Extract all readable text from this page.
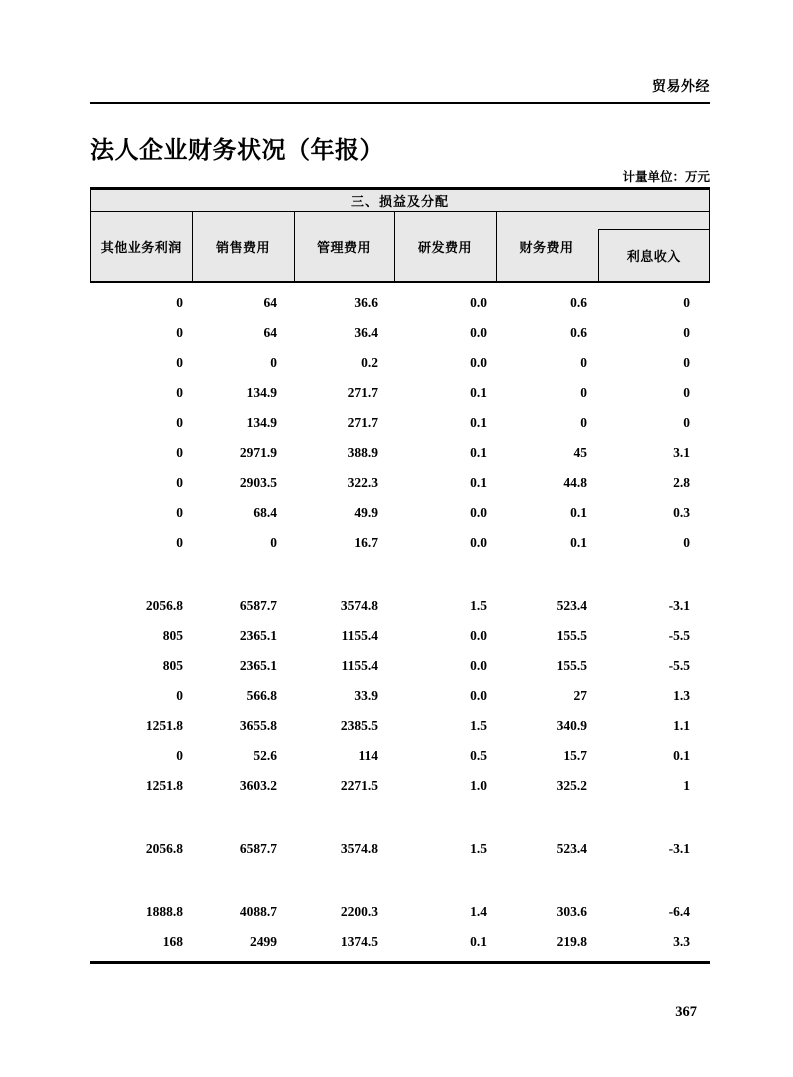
贸易外经
法人企业财务状况（年报）
计量单位：万元
三、损益及分配
其他业务利润	销售费用	管理费用	研发费用	财务费用
利息收入
0	64	36.6	0.0	0.6	0
0	64	36.4	0.0	0.6	0
0	0	0.2	0.0	0	0
0	134.9	271.7	0.1	0	0
0	134.9	271.7	0.1	0	0
0	2971.9	388.9	0.1	45	3.1
0	2903.5	322.3	0.1	44.8	2.8
0	68.4	49.9	0.0	0.1	0.3
0	0	16.7	0.0	0.1	0
2056.8	6587.7	3574.8	1.5	523.4	-3.1
805	2365.1	1155.4	0.0	155.5	-5.5
805	2365.1	1155.4	0.0	155.5	-5.5
0	566.8	33.9	0.0	27	1.3
1251.8	3655.8	2385.5	1.5	340.9	1.1
0	52.6	114	0.5	15.7	0.1
1251.8	3603.2	2271.5	1.0	325.2	1
2056.8	6587.7	3574.8	1.5	523.4	-3.1
1888.8	4088.7	2200.3	1.4	303.6	-6.4
168	2499	1374.5	0.1	219.8	3.3
367
